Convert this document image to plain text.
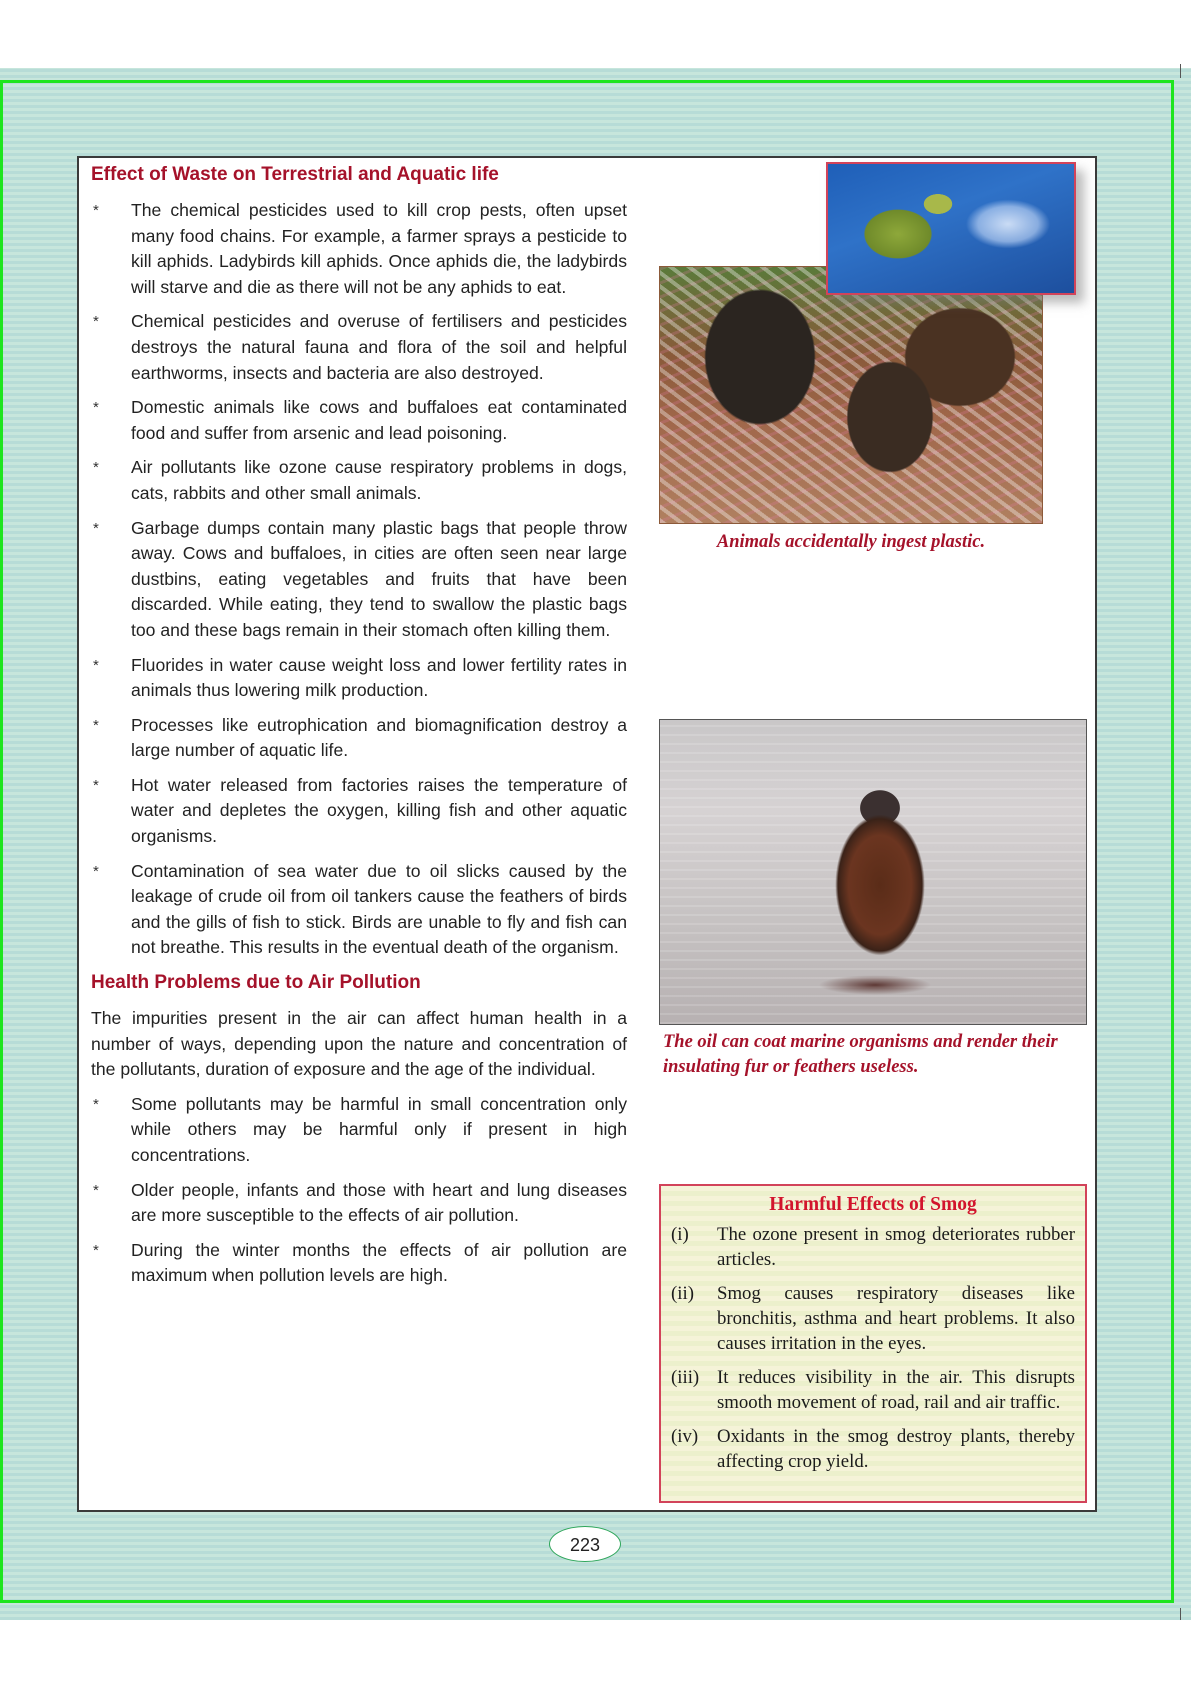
Effect of Waste on Terrestrial and Aquatic life
* The chemical pesticides used to kill crop pests, often upset many food chains. For example, a farmer sprays a pesticide to kill aphids. Ladybirds kill aphids. Once aphids die, the ladybirds will starve and die as there will not be any aphids to eat.
* Chemical pesticides and overuse of fertilisers and pesticides destroys the natural fauna and flora of the soil and helpful earthworms, insects and bacteria are also destroyed.
* Domestic animals like cows and buffaloes eat contaminated food and suffer from arsenic and lead poisoning.
* Air pollutants like ozone cause respiratory problems in dogs, cats, rabbits and other small animals.
* Garbage dumps contain many plastic bags that people throw away. Cows and buffaloes, in cities are often seen near large dustbins, eating vegetables and fruits that have been discarded. While eating, they tend to swallow the plastic bags too and these bags remain in their stomach often killing them.
* Fluorides in water cause weight loss and lower fertility rates in animals thus lowering milk production.
* Processes like eutrophication and biomagnification destroy a large number of aquatic life.
* Hot water released from factories raises the temperature of water and depletes the oxygen, killing fish and other aquatic organisms.
* Contamination of sea water due to oil slicks caused by the leakage of crude oil from oil tankers cause the feathers of birds and the gills of fish to stick. Birds are unable to fly and fish can not breathe. This results in the eventual death of the organism.
Health Problems due to Air Pollution

The impurities present in the air can affect human health in a number of ways, depending upon the nature and concentration of the pollutants, duration of exposure and the age of the individual.

* Some pollutants may be harmful in small concentration only while others may be harmful only if present in high concentrations.
* Older people, infants and those with heart and lung diseases are more susceptible to the effects of air pollution.
* During the winter months the effects of air pollution are maximum when pollution levels are high.
Animals accidentally ingest plastic.
The oil can coat marine organisms and render their insulating fur or feathers useless.
Harmful Effects of Smog
(i) The ozone present in smog deteriorates rubber articles.
(ii) Smog causes respiratory diseases like bronchitis, asthma and heart problems. It also causes irritation in the eyes.
(iii) It reduces visibility in the air. This disrupts smooth movement of road, rail and air traffic.
(iv) Oxidants in the smog destroy plants, thereby affecting crop yield.
223
